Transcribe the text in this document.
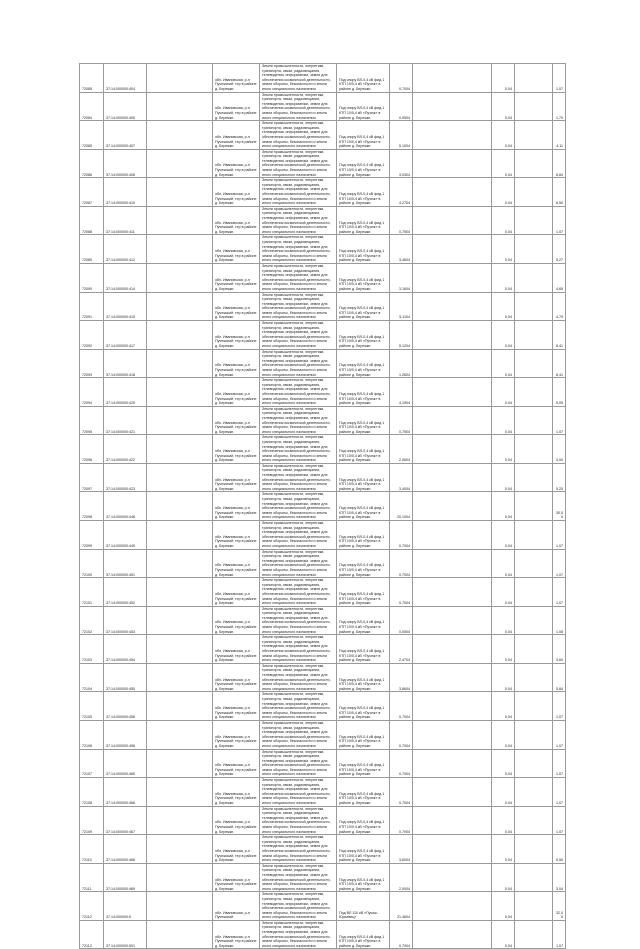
72085	37:14:000000:404		обл. Ивановская, р-н Пучежский, тер в районе д. Бережки	Земли промышленности, энергетики, транспорта, связи, радиовещания, телевидения, информатики, земли для обеспечения космической деятельности, земли обороны, безопасности и земли иного специального назначения	Под опору ВЛ-0,4 кВ фид.1 КТП 10/0,4 кВ «Пучеж» в районе д. Бережки	0,7004		0,04		1,07
72084	37:14:000000:405		обл. Ивановская, р-н Пучежский, тер в районе д. Бережки	Земли промышленности, энергетики, транспорта, связи, радиовещания, телевидения, информатики, земли для обеспечения космической деятельности, земли обороны, безопасности и земли иного специального назначения	Под опору ВЛ-0,4 кВ фид.1 КТП 10/0,4 кВ «Пучеж» в районе д. Бережки	0,9504		0,04		1,70
72085	37:14:000000:407		обл. Ивановская, р-н Пучежский, тер в районе д. Бережки	Земли промышленности, энергетики, транспорта, связи, радиовещания, телевидения, информатики, земли для обеспечения космической деятельности, земли обороны, безопасности и земли иного специального назначения	Под опору ВЛ-0,4 кВ фид.1 КТП 10/0,4 кВ «Пучеж» в районе д. Бережки	5,1004		0,04		4,11
72086	37:14:000000:408		обл. Ивановская, р-н Пучежский, тер в районе д. Бережки	Земли промышленности, энергетики, транспорта, связи, радиовещания, телевидения, информатики, земли для обеспечения космической деятельности, земли обороны, безопасности и земли иного специального назначения	Под опору ВЛ-0,4 кВ фид.1 КТП 10/0,4 кВ «Пучеж» в районе д. Бережки	3,0304		0,04		8,84
72087	37:14:000000:410		обл. Ивановская, р-н Пучежский, тер в районе д. Бережки	Земли промышленности, энергетики, транспорта, связи, радиовещания, телевидения, информатики, земли для обеспечения космической деятельности, земли обороны, безопасности и земли иного специального назначения	Под опору ВЛ-0,4 кВ фид.1 КТП 10/0,4 кВ «Пучеж» в районе д. Бережки	4,2704		0,04		6,50
72088	37:14:000000:411		обл. Ивановская, р-н Пучежский, тер в районе д. Бережки	Земли промышленности, энергетики, транспорта, связи, радиовещания, телевидения, информатики, земли для обеспечения космической деятельности, земли обороны, безопасности и земли иного специального назначения	Под опору ВЛ-0,4 кВ фид.1 КТП 10/0,4 кВ «Пучеж» в районе д. Бережки	0,7504		0,04		1,07
72089	37:14:000000:412		обл. Ивановская, р-н Пучежский, тер в районе д. Бережки	Земли промышленности, энергетики, транспорта, связи, радиовещания, телевидения, информатики, земли для обеспечения космической деятельности, земли обороны, безопасности и земли иного специального назначения	Под опору ВЛ-0,4 кВ фид.1 КТП 10/0,4 кВ «Пучеж» в районе д. Бережки	3,4604		0,04		5,27
72090	37:14:000000:414		обл. Ивановская, р-н Пучежский, тер в районе д. Бережки	Земли промышленности, энергетики, транспорта, связи, радиовещания, телевидения, информатики, земли для обеспечения космической деятельности, земли обороны, безопасности и земли иного специального назначения	Под опору ВЛ-0,4 кВ фид.1 КТП 10/0,4 кВ «Пучеж» в районе д. Бережки	3,1604		0,04		4,65
72091	37:14:000000:415		обл. Ивановская, р-н Пучежский, тер в районе д. Бережки	Земли промышленности, энергетики, транспорта, связи, радиовещания, телевидения, информатики, земли для обеспечения космической деятельности, земли обороны, безопасности и земли иного специального назначения	Под опору ВЛ-0,4 кВ фид.1 КТП 10/0,4 кВ «Пучеж» в районе д. Бережки	5,1104		0,04		4,79
72092	37:14:000000:417		обл. Ивановская, р-н Пучежский, тер в районе д. Бережки	Земли промышленности, энергетики, транспорта, связи, радиовещания, телевидения, информатики, земли для обеспечения космической деятельности, земли обороны, безопасности и земли иного специального назначения	Под опору ВЛ-0,4 кВ фид.1 КТП 10/0,4 кВ «Пучеж» в районе д. Бережки	5,1204		0,04		8,41
72093	37:14:000000:418		обл. Ивановская, р-н Пучежский, тер в районе д. Бережки	Земли промышленности, энергетики, транспорта, связи, радиовещания, телевидения, информатики, земли для обеспечения космической деятельности, земли обороны, безопасности и земли иного специального назначения	Под опору ВЛ-0,4 кВ фид.1 КТП 10/0,4 кВ «Пучеж» в районе д. Бережки	1,2604		0,04		8,41
72094	37:14:000000:420		обл. Ивановская, р-н Пучежский, тер в районе д. Бережки	Земли промышленности, энергетики, транспорта, связи, радиовещания, телевидения, информатики, земли для обеспечения космической деятельности, земли обороны, безопасности и земли иного специального назначения	Под опору ВЛ-0,4 кВ фид.1 КТП 10/0,4 кВ «Пучеж» в районе д. Бережки	4,1904		0,04		5,05
72095	37:14:000000:421		обл. Ивановская, р-н Пучежский, тер в районе д. Бережки	Земли промышленности, энергетики, транспорта, связи, радиовещания, телевидения, информатики, земли для обеспечения космической деятельности, земли обороны, безопасности и земли иного специального назначения	Под опору ВЛ-0,4 кВ фид.1 КТП 10/0,4 кВ «Пучеж» в районе д. Бережки	0,7504		0,04		1,07
72096	37:14:000000:422		обл. Ивановская, р-н Пучежский, тер в районе д. Бережки	Земли промышленности, энергетики, транспорта, связи, радиовещания, телевидения, информатики, земли для обеспечения космической деятельности, земли обороны, безопасности и земли иного специального назначения	Под опору ВЛ-0,4 кВ фид.1 КТП 10/0,4 кВ «Пучеж» в районе д. Бережки	2,0604		0,04		3,00
72097	37:14:000000:423		обл. Ивановская, р-н Пучежский, тер в районе д. Бережки	Земли промышленности, энергетики, транспорта, связи, радиовещания, телевидения, информатики, земли для обеспечения космической деятельности, земли обороны, безопасности и земли иного специального назначения	Под опору ВЛ-0,4 кВ фид.1 КТП 10/0,4 кВ «Пучеж» в районе д. Бережки	3,4004		0,04		5,25
72098	37:14:000000:448		обл. Ивановская, р-н Пучежский, тер в районе д. Бережки	Земли промышленности, энергетики, транспорта, связи, радиовещания, телевидения, информатики, земли для обеспечения космической деятельности, земли обороны, безопасности и земли иного специального назначения	Под опору ВЛ-0,4 кВ фид.1 КТП 10/0,4 кВ «Пучеж» в районе д. Бережки	20,1004		0,04		30,50
72099	37:14:000000:449		обл. Ивановская, р-н Пучежский, тер в районе д. Бережки	Земли промышленности, энергетики, транспорта, связи, радиовещания, телевидения, информатики, земли для обеспечения космической деятельности, земли обороны, безопасности и земли иного специального назначения	Под опору ВЛ-0,4 кВ фид.1 КТП 10/0,4 кВ «Пучеж» в районе д. Бережки	0,7004		0,04		1,07
72100	37:14:000000:451		обл. Ивановская, р-н Пучежский, тер в районе д. Бережки	Земли промышленности, энергетики, транспорта, связи, радиовещания, телевидения, информатики, земли для обеспечения космической деятельности, земли обороны, безопасности и земли иного специального назначения	Под опору ВЛ-0,4 кВ фид.1 КТП 10/0,4 кВ «Пучеж» в районе д. Бережки	0,7004		0,04		1,07
72101	37:14:000000:452		обл. Ивановская, р-н Пучежский, тер в районе д. Бережки	Земли промышленности, энергетики, транспорта, связи, радиовещания, телевидения, информатики, земли для обеспечения космической деятельности, земли обороны, безопасности и земли иного специального назначения	Под опору ВЛ-0,4 кВ фид.1 КТП 10/0,4 кВ «Пучеж» в районе д. Бережки	0,7004		0,04		1,07
72102	37:14:000000:453		обл. Ивановская, р-н Пучежский, тер в районе д. Бережки	Земли промышленности, энергетики, транспорта, связи, радиовещания, телевидения, информатики, земли для обеспечения космической деятельности, земли обороны, безопасности и земли иного специального назначения	Под опору ВЛ-0,4 кВ фид.1 КТП 10/0,4 кВ «Пучеж» в районе д. Бережки	0,0504		0,04		1,08
72103	37:14:000000:454		обл. Ивановская, р-н Пучежский, тер в районе д. Бережки	Земли промышленности, энергетики, транспорта, связи, радиовещания, телевидения, информатики, земли для обеспечения космической деятельности, земли обороны, безопасности и земли иного специального назначения	Под опору ВЛ-0,4 кВ фид.1 КТП 10/0,4 кВ «Пучеж» в районе д. Бережки	2,4704		0,04		3,60
72104	37:14:000000:455		обл. Ивановская, р-н Пучежский, тер в районе д. Бережки	Земли промышленности, энергетики, транспорта, связи, радиовещания, телевидения, информатики, земли для обеспечения космической деятельности, земли обороны, безопасности и земли иного специального назначения	Под опору ВЛ-0,4 кВ фид.1 КТП 10/0,4 кВ «Пучеж» в районе д. Бережки	3,8604		0,04		5,84
72105	37:14:000000:456		обл. Ивановская, р-н Пучежский, тер в районе д. Бережки	Земли промышленности, энергетики, транспорта, связи, радиовещания, телевидения, информатики, земли для обеспечения космической деятельности, земли обороны, безопасности и земли иного специального назначения	Под опору ВЛ-0,4 кВ фид.1 КТП 10/0,4 кВ «Пучеж» в районе д. Бережки	0,7004		0,04		1,07
72106	37:14:000000:458		обл. Ивановская, р-н Пучежский, тер в районе д. Бережки	Земли промышленности, энергетики, транспорта, связи, радиовещания, телевидения, информатики, земли для обеспечения космической деятельности, земли обороны, безопасности и земли иного специального назначения	Под опору ВЛ-0,4 кВ фид.1 КТП 10/0,4 кВ «Пучеж» в районе д. Бережки	0,7004		0,04		1,07
72107	37:14:000000:465		обл. Ивановская, р-н Пучежский, тер в районе д. Бережки	Земли промышленности, энергетики, транспорта, связи, радиовещания, телевидения, информатики, земли для обеспечения космической деятельности, земли обороны, безопасности и земли иного специального назначения	Под опору ВЛ-0,4 кВ фид.1 КТП 10/0,4 кВ «Пучеж» в районе д. Бережки	0,7004		0,04		1,07
72108	37:14:000000:466		обл. Ивановская, р-н Пучежский, тер в районе д. Бережки	Земли промышленности, энергетики, транспорта, связи, радиовещания, телевидения, информатики, земли для обеспечения космической деятельности, земли обороны, безопасности и земли иного специального назначения	Под опору ВЛ-0,4 кВ фид.1 КТП 10/0,4 кВ «Пучеж» в районе д. Бережки	0,7004		0,04		1,07
72109	37:14:000000:467		обл. Ивановская, р-н Пучежский, тер в районе д. Бережки	Земли промышленности, энергетики, транспорта, связи, радиовещания, телевидения, информатики, земли для обеспечения космической деятельности, земли обороны, безопасности и земли иного специального назначения	Под опору ВЛ-0,4 кВ фид.1 КТП 10/0,4 кВ «Пучеж» в районе д. Бережки	0,7004		0,04		1,07
72110	37:14:000000:468		обл. Ивановская, р-н Пучежский, тер в районе д. Бережки	Земли промышленности, энергетики, транспорта, связи, радиовещания, телевидения, информатики, земли для обеспечения космической деятельности, земли обороны, безопасности и земли иного специального назначения	Под опору ВЛ-0,4 кВ фид.1 КТП 10/0,4 кВ «Пучеж» в районе д. Бережки	3,6004		0,04		5,50
72111	37:14:000000:469		обл. Ивановская, р-н Пучежский, тер в районе д. Бережки	Земли промышленности, энергетики, транспорта, связи, радиовещания, телевидения, информатики, земли для обеспечения космической деятельности, земли обороны, безопасности и земли иного специального назначения	Под опору ВЛ-0,4 кВ фид.1 КТП 10/0,4 кВ «Пучеж» в районе д. Бережки	2,0004		0,04		3,04
72112	37:14:000000:5		обл. Ивановская, р-н Пучежский	Земли промышленности, энергетики, транспорта, связи, радиовещания, телевидения, информатики, земли для обеспечения космической деятельности, земли обороны, безопасности и земли иного специального назначения	Под ВЛ 110 кВ «Пучеж-Юрьевец»	21,4604		0,04		32,05
72113	37:14:000000:501		обл. Ивановская, р-н Пучежский, тер в районе д. Бережки	Земли промышленности, энергетики, транспорта, связи, радиовещания, телевидения, информатики, земли для обеспечения космической деятельности, земли обороны, безопасности и земли иного специального назначения	Под опору ВЛ-0,4 кВ фид.1 КТП 10/0,4 кВ «Пучеж» в районе д. Бережки	0,7004		0,04		1,07
